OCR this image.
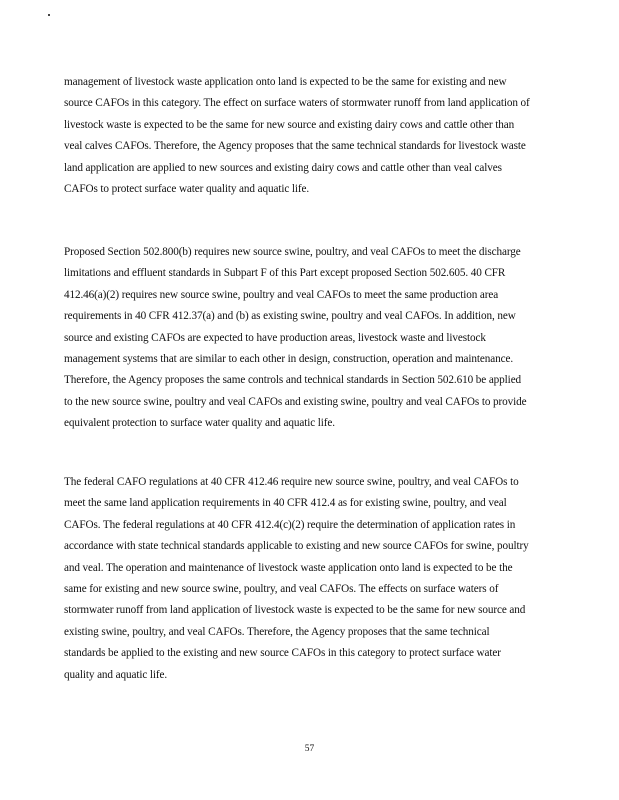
management of livestock waste application onto land is expected to be the same for existing and new source CAFOs in this category. The effect on surface waters of stormwater runoff from land application of livestock waste is expected to be the same for new source and existing dairy cows and cattle other than veal calves CAFOs. Therefore, the Agency proposes that the same technical standards for livestock waste land application are applied to new sources and existing dairy cows and cattle other than veal calves CAFOs to protect surface water quality and aquatic life.

Proposed Section 502.800(b) requires new source swine, poultry, and veal CAFOs to meet the discharge limitations and effluent standards in Subpart F of this Part except proposed Section 502.605. 40 CFR 412.46(a)(2) requires new source swine, poultry and veal CAFOs to meet the same production area requirements in 40 CFR 412.37(a) and (b) as existing swine, poultry and veal CAFOs. In addition, new source and existing CAFOs are expected to have production areas, livestock waste and livestock management systems that are similar to each other in design, construction, operation and maintenance. Therefore, the Agency proposes the same controls and technical standards in Section 502.610 be applied to the new source swine, poultry and veal CAFOs and existing swine, poultry and veal CAFOs to provide equivalent protection to surface water quality and aquatic life.

The federal CAFO regulations at 40 CFR 412.46 require new source swine, poultry, and veal CAFOs to meet the same land application requirements in 40 CFR 412.4 as for existing swine, poultry, and veal CAFOs. The federal regulations at 40 CFR 412.4(c)(2) require the determination of application rates in accordance with state technical standards applicable to existing and new source CAFOs for swine, poultry and veal. The operation and maintenance of livestock waste application onto land is expected to be the same for existing and new source swine, poultry, and veal CAFOs. The effects on surface waters of stormwater runoff from land application of livestock waste is expected to be the same for new source and existing swine, poultry, and veal CAFOs. Therefore, the Agency proposes that the same technical standards be applied to the existing and new source CAFOs in this category to protect surface water quality and aquatic life.

57
